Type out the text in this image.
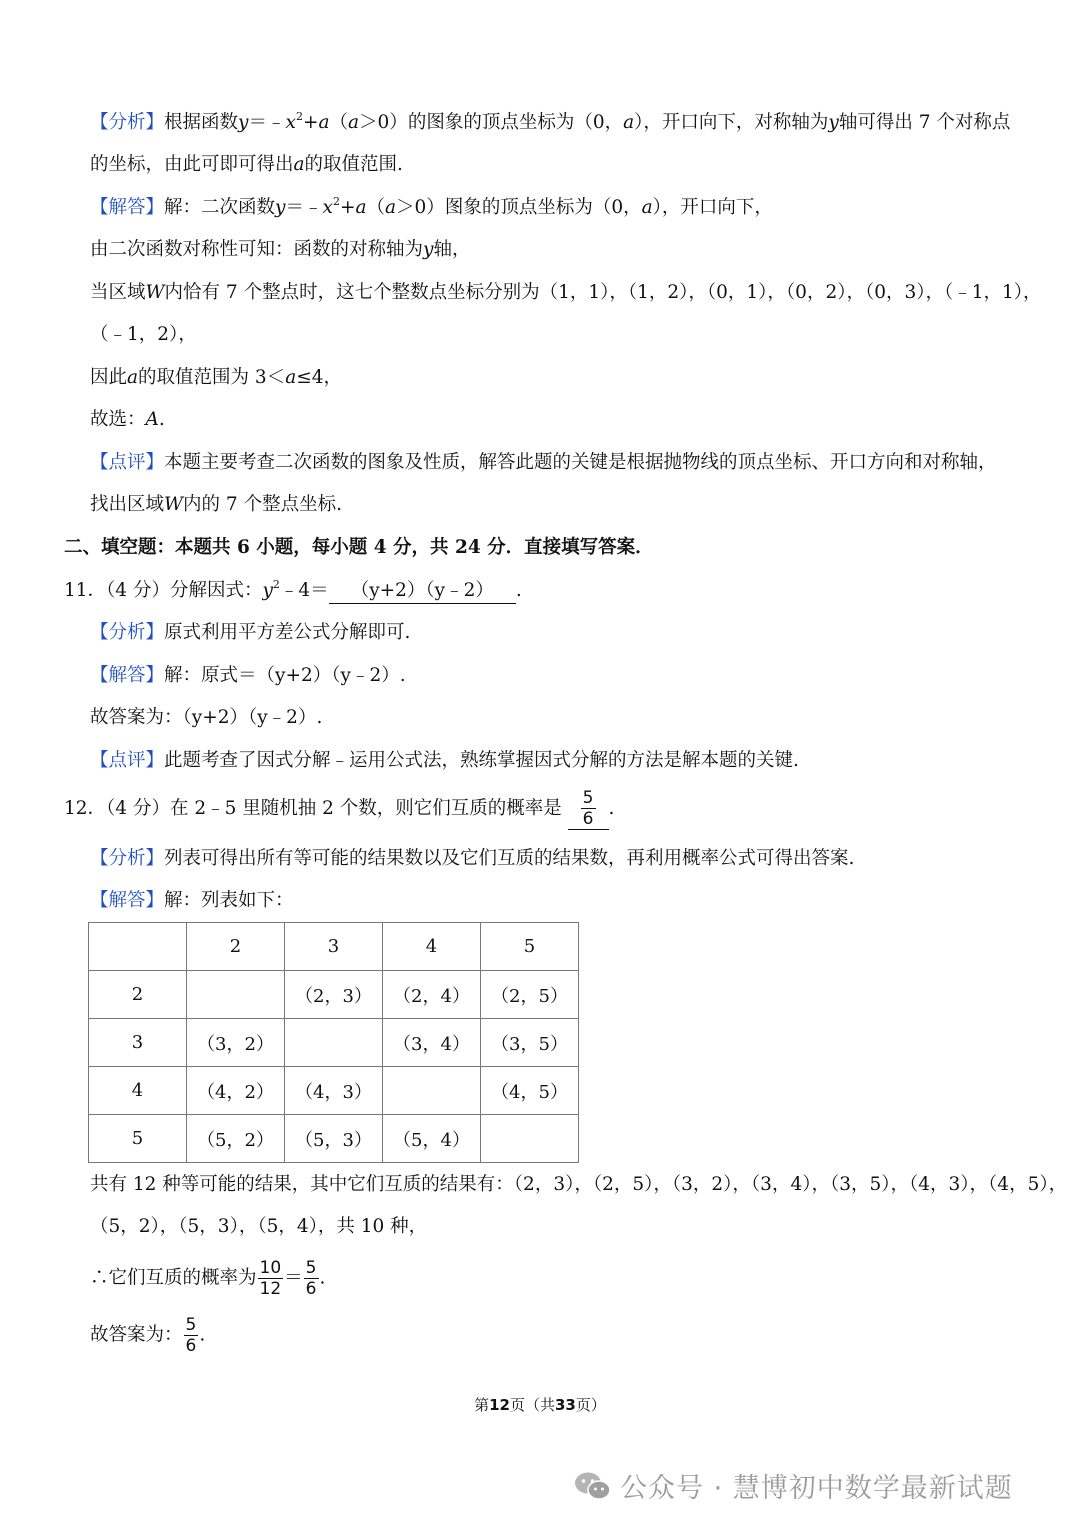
【分析】根据函数$y=﹣x^2+a(a>0)$的图象的顶点坐标为（0，a），开口向下，对称轴为y轴可得出 7 个对称点
的坐标，由此可即可得出a的取值范围.
【解答】解：二次函数$y=﹣x^2+a(a>0)$图象的顶点坐标为（0，a），开口向下，
由二次函数对称性可知：函数的对称轴为y轴，
当区域W内恰有 7 个整点时，这七个整数点坐标分别为（1，1），（1，2），（0，1），（0，2），（0，3），（﹣1，1），
（﹣1，2），
因此a的取值范围为 3＜a≤4，
故选：A.
【点评】本题主要考查二次函数的图象及性质，解答此题的关键是根据抛物线的顶点坐标、开口方向和对称轴，
找出区域W内的 7 个整点坐标.
二、填空题：本题共 6 小题，每小题 4 分，共 24 分．直接填写答案．
11．（4 分）分解因式：$y^2﹣4=$ （y+2）（y﹣2） .
【分析】原式利用平方差公式分解即可.
【解答】解：原式＝（y+2）（y﹣2）.
故答案为：（y+2）（y﹣2）.
【点评】此题考查了因式分解﹣运用公式法，熟练掌握因式分解的方法是解本题的关键.
12．（4 分）在 2﹣5 里随机抽 2 个数，则它们互质的概率是 $\frac{5}{6}$ .
【分析】列表可得出所有等可能的结果数以及它们互质的结果数，再利用概率公式可得出答案.
【解答】解：列表如下：
	2	3	4	5
2		（2，3）	（2，4）	（2，5）
3	（3，2）		（3，4）	（3，5）
4	（4，2）	（4，3）		（4，5）
5	（5，2）	（5，3）	（5，4）	
共有 12 种等可能的结果，其中它们互质的结果有：（2，3），（2，5），（3，2），（3，4），（3，5），（4，3），（4，5），
（5，2），（5，3），（5，4），共 10 种，
∴它们互质的概率为 $\frac{10}{12} = \frac{5}{6}$ .
故答案为： $\frac{5}{6}$ .
第12页（共33页）
公众号 · 慧博初中数学最新试题
